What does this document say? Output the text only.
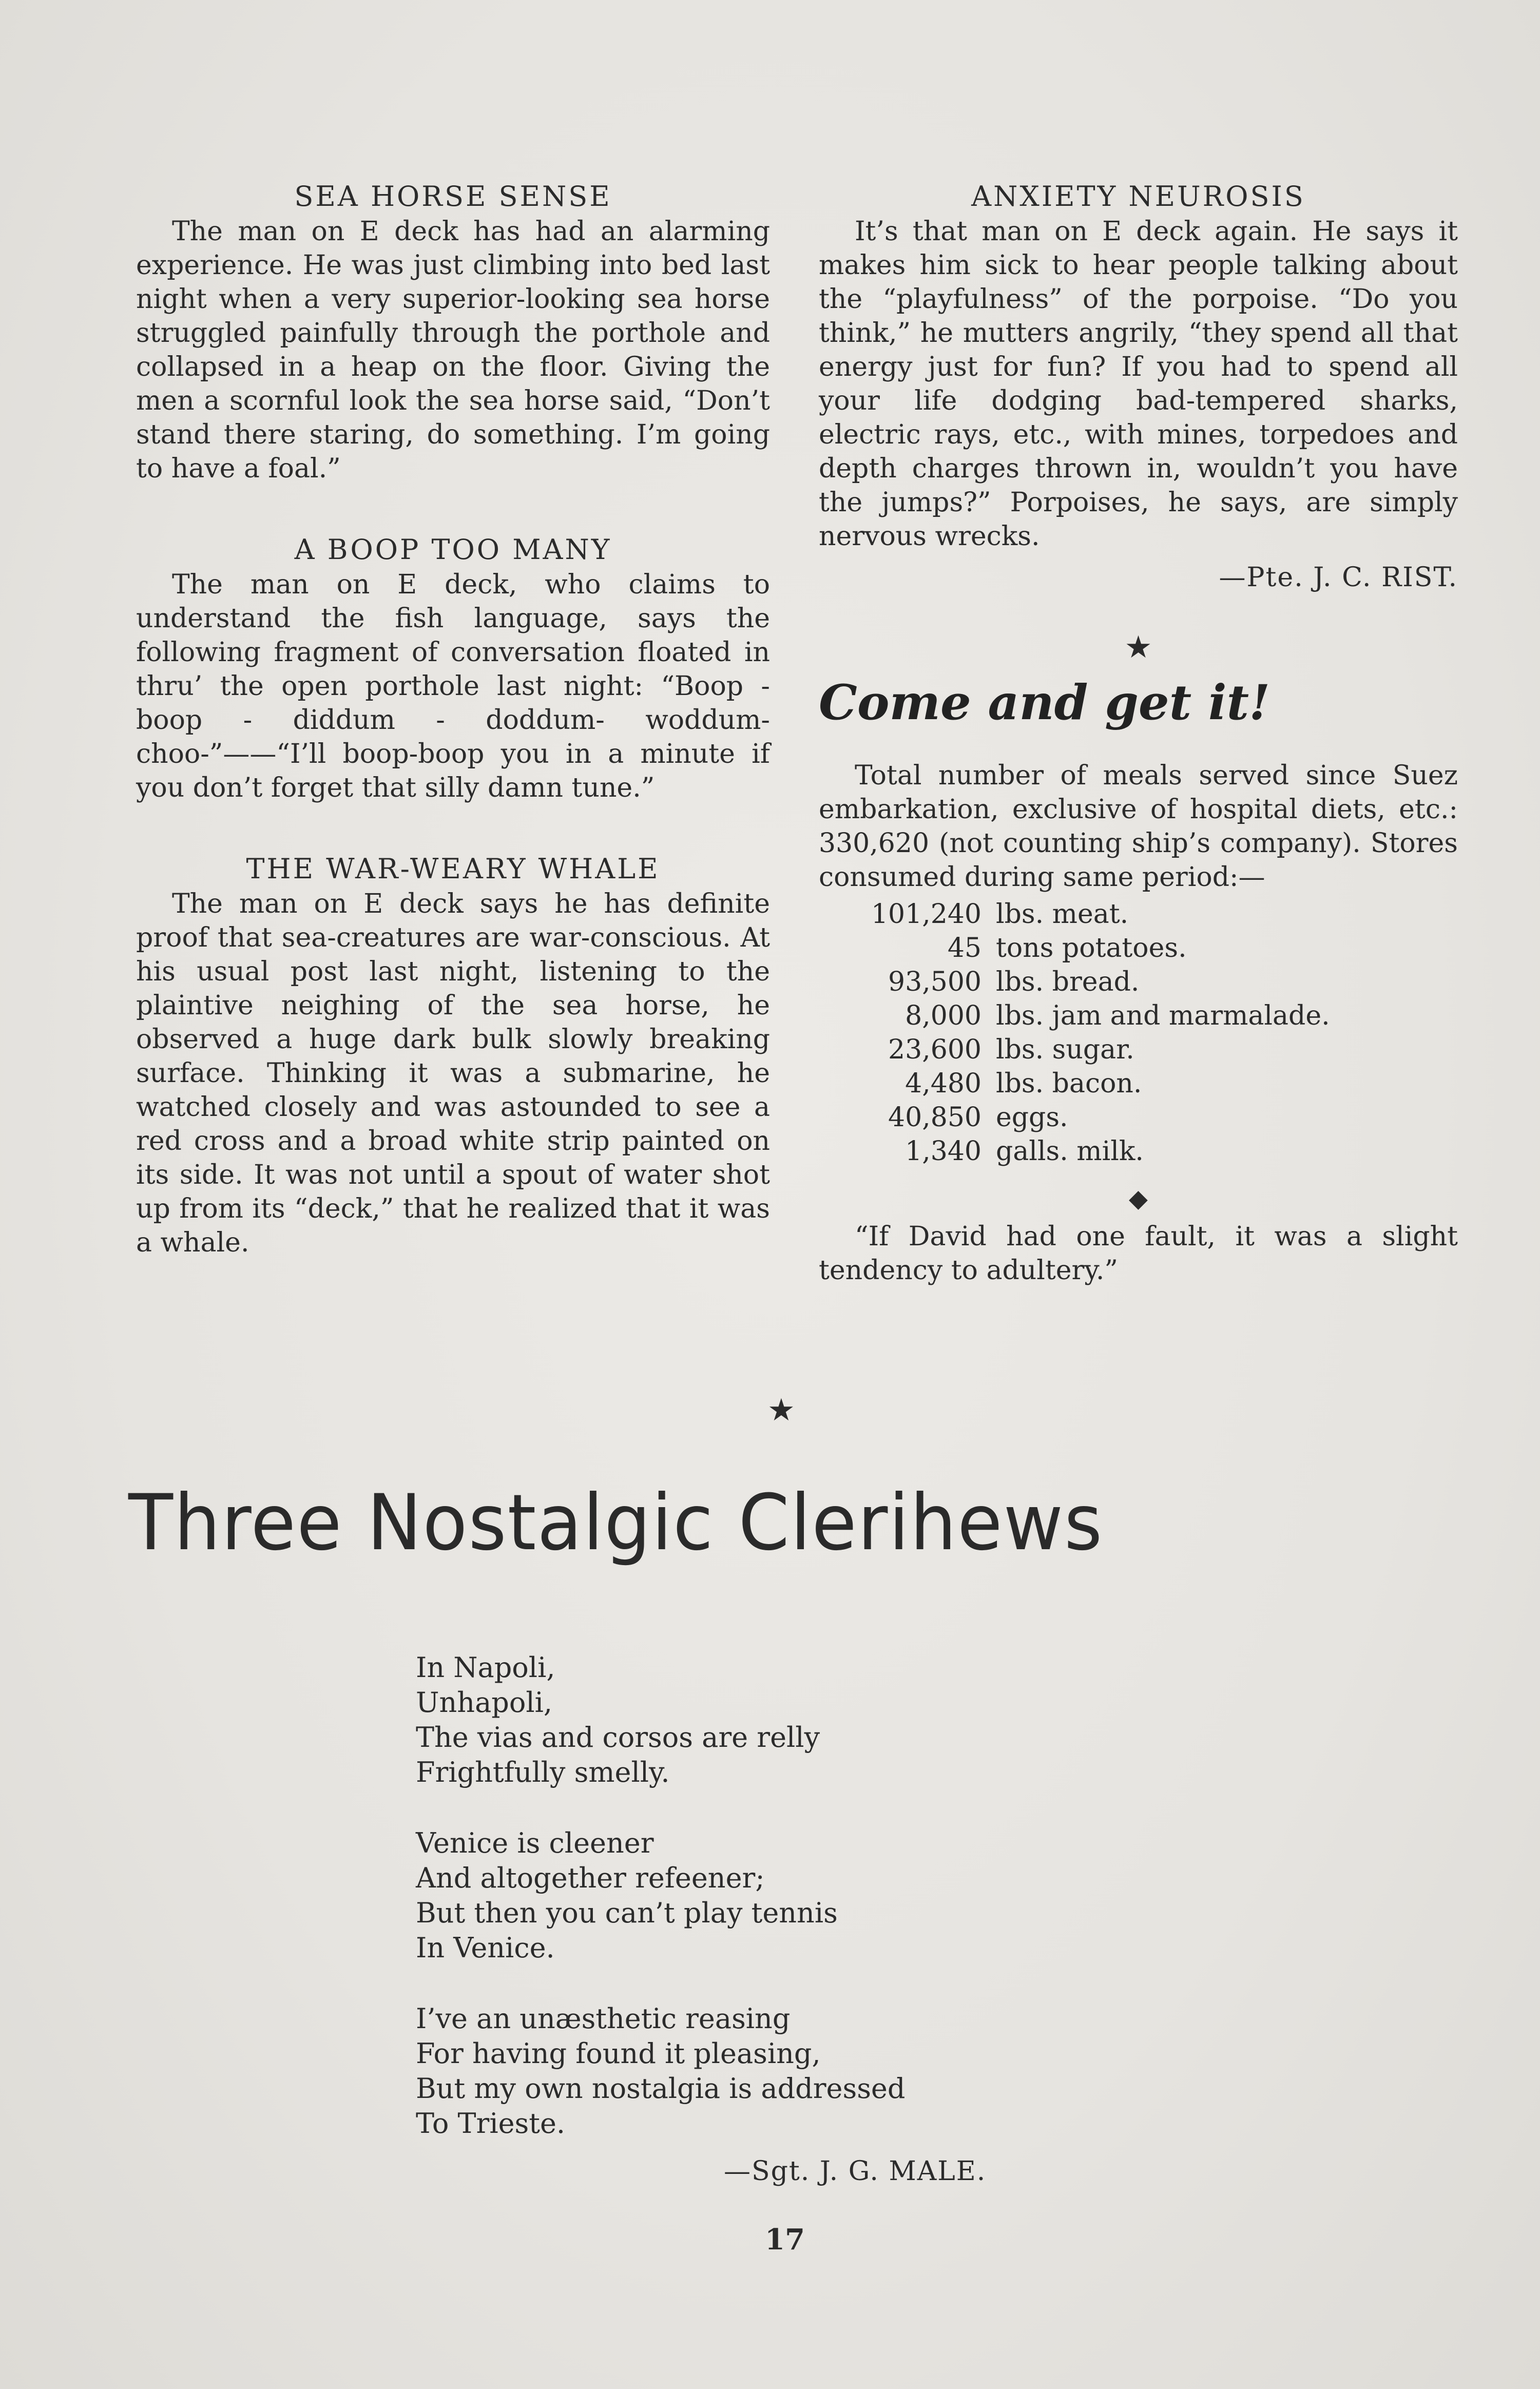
SEA HORSE SENSE

The man on E deck has had an alarming experience. He was just climbing into bed last night when a very superior-looking sea horse struggled painfully through the porthole and collapsed in a heap on the floor. Giving the men a scornful look the sea horse said, “Don’t stand there staring, do something. I’m going to have a foal.”

A BOOP TOO MANY

The man on E deck, who claims to understand the fish language, says the following fragment of conversation floated in thru’ the open porthole last night: “Boop - boop - diddum - doddum- woddum-choo-”——“I’ll boop-boop you in a minute if you don’t forget that silly damn tune.”

THE WAR-WEARY WHALE

The man on E deck says he has definite proof that sea-creatures are war-conscious. At his usual post last night, listening to the plaintive neighing of the sea horse, he observed a huge dark bulk slowly breaking surface. Thinking it was a submarine, he watched closely and was astounded to see a red cross and a broad white strip painted on its side. It was not until a spout of water shot up from its “deck,” that he realized that it was a whale.

ANXIETY NEUROSIS

It’s that man on E deck again. He says it makes him sick to hear people talking about the “playfulness” of the porpoise. “Do you think,” he mutters angrily, “they spend all that energy just for fun? If you had to spend all your life dodging bad-tempered sharks, electric rays, etc., with mines, torpedoes and depth charges thrown in, wouldn’t you have the jumps?” Porpoises, he says, are simply nervous wrecks.

—Pte. J. C. RIST.
★
Come and get it!

Total number of meals served since Suez embarkation, exclusive of hospital diets, etc.: 330,620 (not counting ship’s company). Stores consumed during same period:—

101,240 lbs. meat.
45 tons potatoes.
93,500 lbs. bread.
8,000 lbs. jam and marmalade.
23,600 lbs. sugar.
4,480 lbs. bacon.
40,850 eggs.
1,340 galls. milk.
◆

“If David had one fault, it was a slight tendency to adultery.”

★
Three Nostalgic Clerihews
In Napoli,
Unhapoli,
The vias and corsos are relly
Frightfully smelly.
Venice is cleener
And altogether refeener;
But then you can’t play tennis
In Venice.
I’ve an unæsthetic reasing
For having found it pleasing,
But my own nostalgia is addressed
To Trieste.
—Sgt. J. G. MALE.
17
